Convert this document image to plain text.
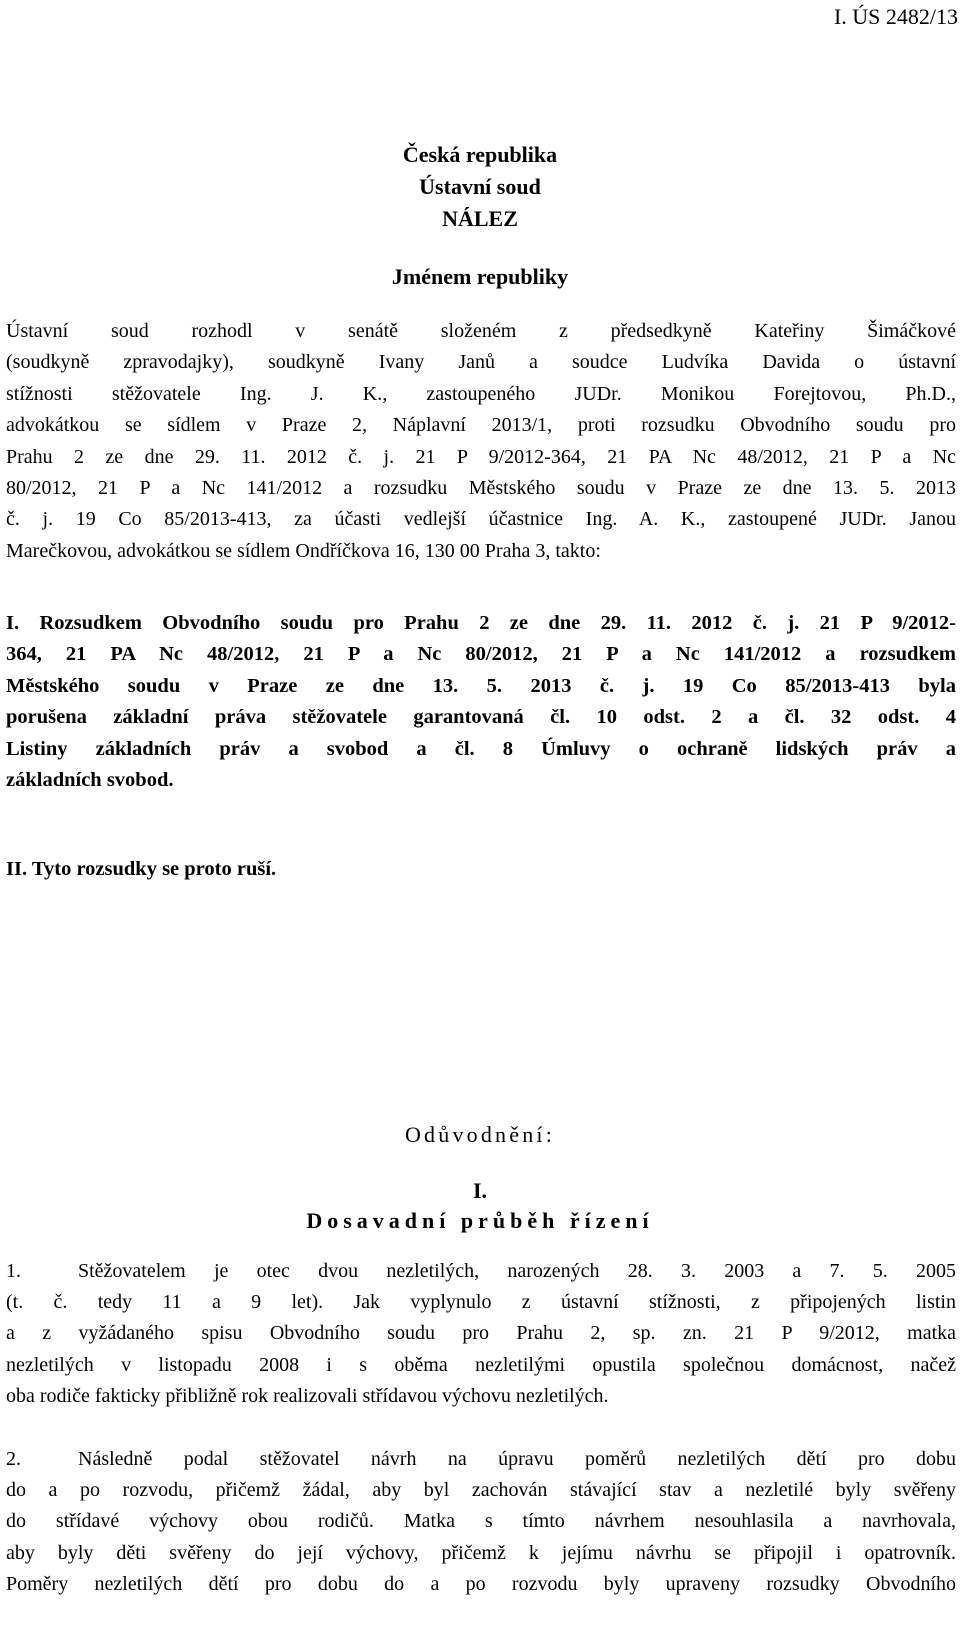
I. ÚS 2482/13
Česká republika
Ústavní soud
NÁLEZ
Jménem republiky
Ústavní soud rozhodl v senátě složeném z předsedkyně Kateřiny Šimáčkové
(soudkyně zpravodajky), soudkyně Ivany Janů a soudce Ludvíka Davida o ústavní
stížnosti stěžovatele Ing. J. K., zastoupeného JUDr. Monikou Forejtovou, Ph.D.,
advokátkou se sídlem v Praze 2, Náplavní 2013/1, proti rozsudku Obvodního soudu pro
Prahu 2 ze dne 29. 11. 2012 č. j. 21 P 9/2012-364, 21 PA Nc 48/2012, 21 P a Nc
80/2012, 21 P a Nc 141/2012 a rozsudku Městského soudu v Praze ze dne 13. 5. 2013
č. j. 19 Co 85/2013-413, za účasti vedlejší účastnice Ing. A. K., zastoupené JUDr. Janou
Marečkovou, advokátkou se sídlem Ondříčkova 16, 130 00 Praha 3, takto:
I. Rozsudkem Obvodního soudu pro Prahu 2 ze dne 29. 11. 2012 č. j. 21 P 9/2012-
364, 21 PA Nc 48/2012, 21 P a Nc 80/2012, 21 P a Nc 141/2012 a rozsudkem
Městského soudu v Praze ze dne 13. 5. 2013 č. j. 19 Co 85/2013-413 byla
porušena základní práva stěžovatele garantovaná čl. 10 odst. 2 a čl. 32 odst. 4
Listiny základních práv a svobod a čl. 8 Úmluvy o ochraně lidských práv a
základních svobod.
II. Tyto rozsudky se proto ruší.
Odůvodnění:
I.
Dosavadní průběh řízení
1.	Stěžovatelem je otec dvou nezletilých, narozených 28. 3. 2003 a 7. 5. 2005
(t. č. tedy 11 a 9 let). Jak vyplynulo z ústavní stížnosti, z připojených listin
a z vyžádaného spisu Obvodního soudu pro Prahu 2, sp. zn. 21 P 9/2012, matka
nezletilých v listopadu 2008 i s oběma nezletilými opustila společnou domácnost, načež
oba rodiče fakticky přibližně rok realizovali střídavou výchovu nezletilých.
2.	Následně podal stěžovatel návrh na úpravu poměrů nezletilých dětí pro dobu
do a po rozvodu, přičemž žádal, aby byl zachován stávající stav a nezletilé byly svěřeny
do střídavé výchovy obou rodičů. Matka s tímto návrhem nesouhlasila a navrhovala,
aby byly děti svěřeny do její výchovy, přičemž k jejímu návrhu se připojil i opatrovník.
Poměry nezletilých dětí pro dobu do a po rozvodu byly upraveny rozsudky Obvodního
